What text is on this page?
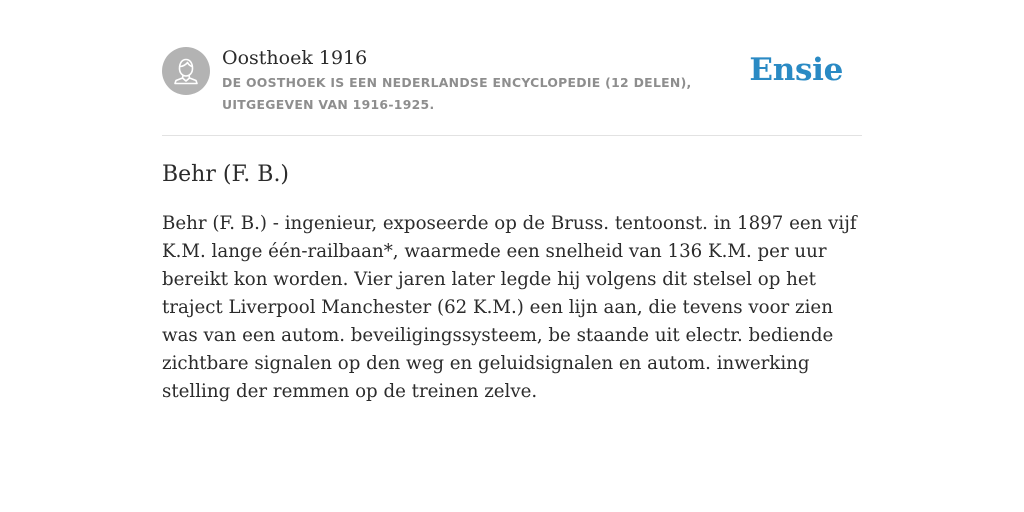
Oosthoek 1916
DE OOSTHOEK IS EEN NEDERLANDSE ENCYCLOPEDIE (12 DELEN), UITGEGEVEN VAN 1916-1925.
Ensie
Behr (F. B.)

Behr (F. B.) - ingenieur, exposeerde op de Bruss. tentoonst. in 1897 een vijf K.M. lange één-railbaan*, waarmede een snelheid van 136 K.M. per uur bereikt kon worden. Vier jaren later legde hij volgens dit stelsel op het traject Liverpool Manchester (62 K.M.) een lijn aan, die tevens voor zien was van een autom. beveiligingssysteem, be staande uit electr. bediende zichtbare signalen op den weg en geluidsignalen en autom. inwerking stelling der remmen op de treinen zelve.
